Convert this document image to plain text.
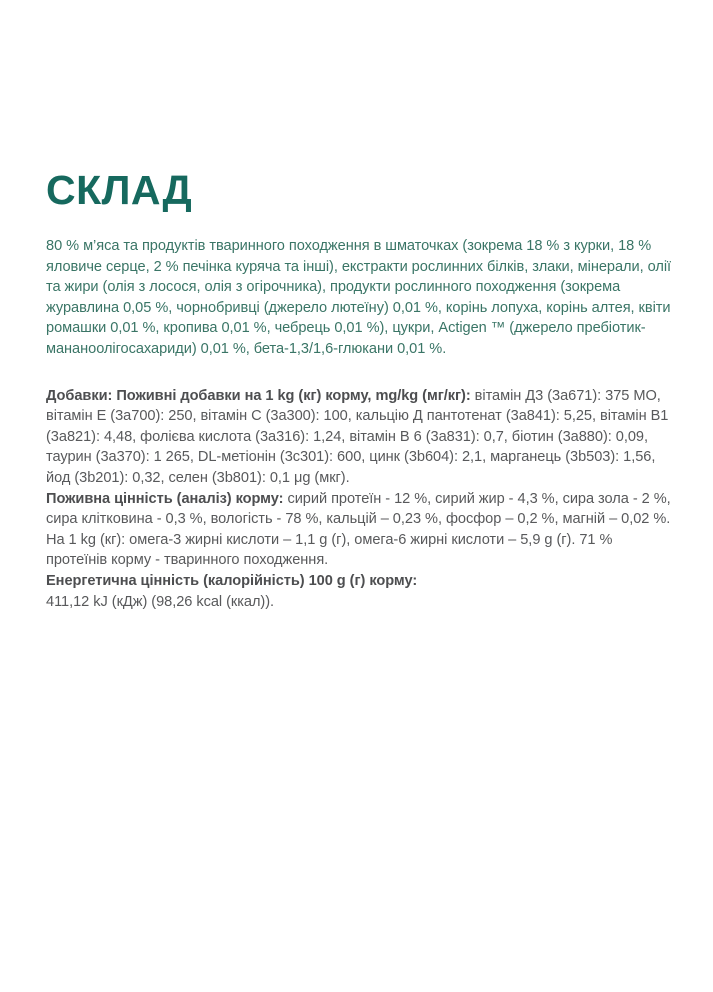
СКЛАД

80 % м’яса та продуктів тваринного походження в шматочках (зокрема 18 % з курки, 18 % яловиче серце, 2 % печінка куряча та інші), екстракти рослинних білків, злаки, мінерали, олії та жири (олія з лосося, олія з огірочника), продукти рослинного походження (зокрема журавлина 0,05 %, чорнобривці (джерело лютеїну) 0,01 %, корінь лопуха, корінь алтея, квіти ромашки 0,01 %, кропива 0,01 %, чебрець 0,01 %), цукри, Actigen ™ (джерело пребіотик-мананоолігосахариди) 0,01 %, бета-1,3/1,6-глюкани 0,01 %.

Добавки: Поживні добавки на 1 kg (кг) корму, mg/kg (мг/кг): вітамін Д3 (3а671): 375 МО, вітамін Е (3а700): 250, вітамін С (3а300): 100, кальцію Д пантотенат (3а841): 5,25, вітамін В1 (3а821): 4,48, фолієва кислота (3а316): 1,24, вітамін В 6 (3а831): 0,7, біотин (3а880): 0,09, таурин (3а370): 1 265, DL-метіонін (3с301): 600, цинк (3b604): 2,1, марганець (3b503): 1,56, йод (3b201): 0,32, селен (3b801): 0,1 μg (мкг).

Поживна цінність (аналіз) корму: сирий протеїн - 12 %, сирий жир - 4,3 %, сира зола - 2 %, сира клітковина - 0,3 %, вологість - 78 %, кальцій – 0,23 %, фосфор – 0,2 %, магній – 0,02 %. На 1 kg (кг): омега-3 жирні кислоти – 1,1 g (г), омега-6 жирні кислоти – 5,9 g (г). 71 % протеїнів корму - тваринного походження.

Енергетична цінність (калорійність) 100 g (г) корму:
411,12 kJ (кДж) (98,26 kcal (ккал)).
